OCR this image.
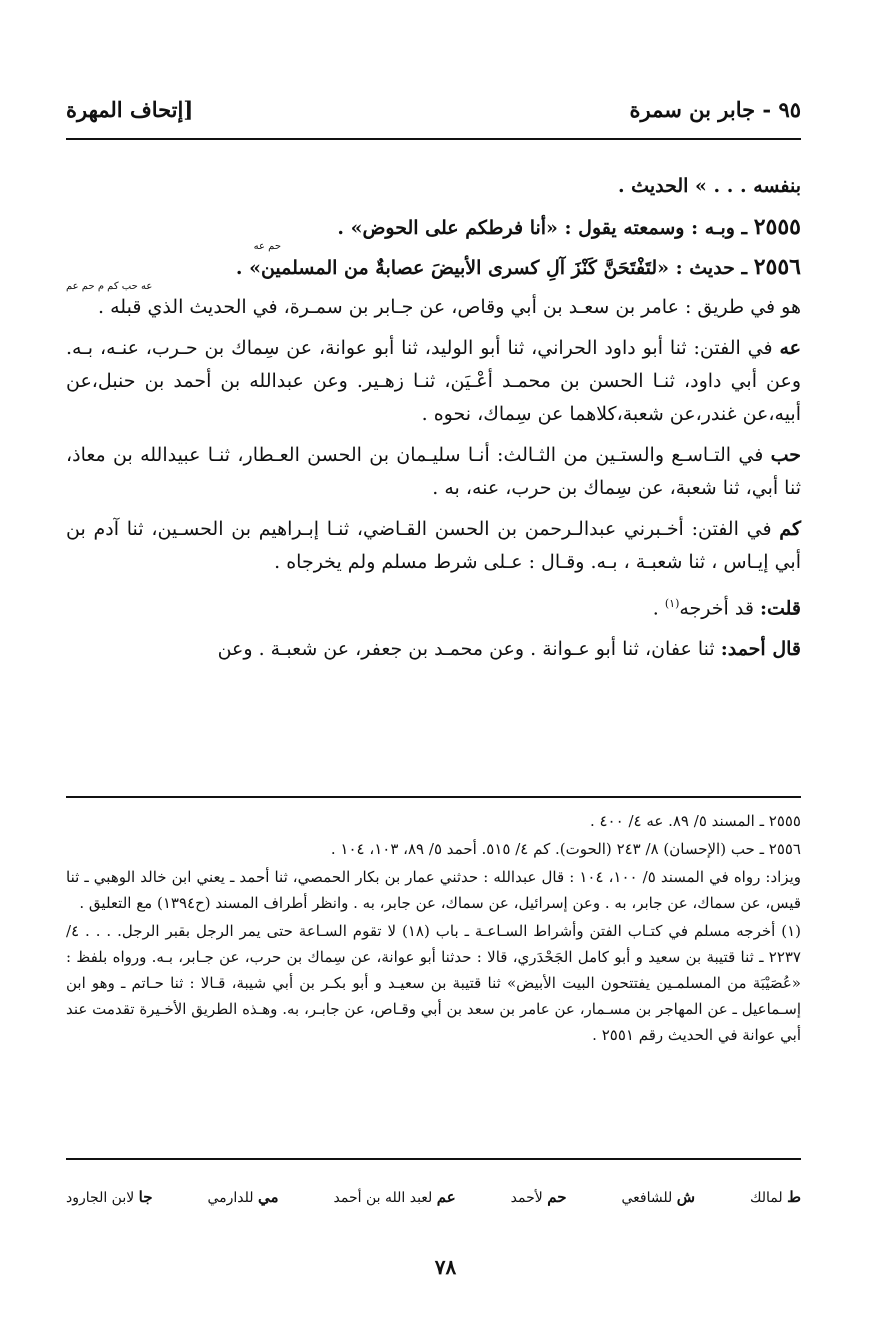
٩٥ - جابر بن سمرة
[إتحاف المهرة

بنفسه . . . » الحديث .

٢٥٥٥ ـ وبـه : وسمعته يقول : «أنا فرطكم على الحوض» .

حم عه

٢٥٥٦ ـ حديث : «لتَفْتَحَنَّ كَنْزَ آلِ كسرى الأبيضَ عصابةٌ من المسلمين» .

عه حب كم م حم عم

هو في طريق : عامر بن سعـد بن أبي وقاص، عن جـابر بن سمـرة، في الحديث الذي قبله .

عه في الفتن: ثنا أبو داود الحراني، ثنا أبو الوليد، ثنا أبو عوانة، عن سِماك بن حـرب، عنـه، بـه. وعن أبي داود، ثنـا الحسن بن محمـد أعْـيَن، ثنـا زهـير. وعن عبدالله بن أحمد بن حنبل،عن أبيه،عن غندر،عن شعبة،كلاهما عن سِماك، نحوه .

حب في التـاسـع والستـين من الثـالث: أنـا سليـمان بن الحسن العـطار، ثنـا عبيدالله بن معاذ، ثنا أبي، ثنا شعبة، عن سِماك بن حرب، عنه، به .

كم في الفتن: أخـبرني عبدالـرحمن بن الحسن القـاضي، ثنـا إبـراهيم بن الحسـين، ثنا آدم بن أبي إيـاس ، ثنا شعبـة ، بـه. وقـال : عـلى شرط مسلم ولم يخرجاه .

قلت: قد أخرجه$^{(١)}$ .

قال أحمد: ثنا عفان، ثنا أبو عـوانة . وعن محمـد بن جعفر، عن شعبـة . وعن

٢٥٥٥ ـ المسند ٥/ ٨٩. عه ٤/ ٤٠٠ .

٢٥٥٦ ـ حب (الإحسان) ٨/ ٢٤٣ (الحوت). كم ٤/ ٥١٥. أحمد ٥/ ٨٩، ١٠٣، ١٠٤ .

ويزاد: رواه في المسند ٥/ ١٠٠، ١٠٤ : قال عبدالله : حدثني عمار بن بكار الحمصي، ثنا أحمد ـ يعني ابن خالد الوهبي ـ ثنا قيس، عن سماك، عن جابر، به . وعن إسرائيل، عن سماك، عن جابر، به . وانظر أطراف المسند (ح١٣٩٤) مع التعليق .

(١) أخرجه مسلم في كتـاب الفتن وأشراط السـاعـة ـ باب (١٨) لا تقوم السـاعة حتى يمر الرجل بقبر الرجل. . . . ٤/ ٢٢٣٧ ـ ثنا قتيبة بن سعيد و أبو كامل الجَحْدَري، قالا : حدثنا أبو عوانة، عن سِماك بن حرب، عن جـابر، بـه. ورواه بلفظ : «عُصَيْبَة من المسلمـين يفتتحون البيت الأبيض» ثنا قتيبة بن سعيـد و أبو بكـر بن أبي شيبة، قـالا : ثنا حـاتم ـ وهو ابن إسـماعيل ـ عن المهاجر بن مسـمار، عن عامر بن سعد بن أبي وقـاص، عن جابـر، به. وهـذه الطريق الأخـيرة تقدمت عند أبي عوانة في الحديث رقم ٢٥٥١ .

ط لمالك
ش للشافعي
حم لأحمد
عم لعبد الله بن أحمد
مي للدارمي
جا لابن الجارود
٧٨
